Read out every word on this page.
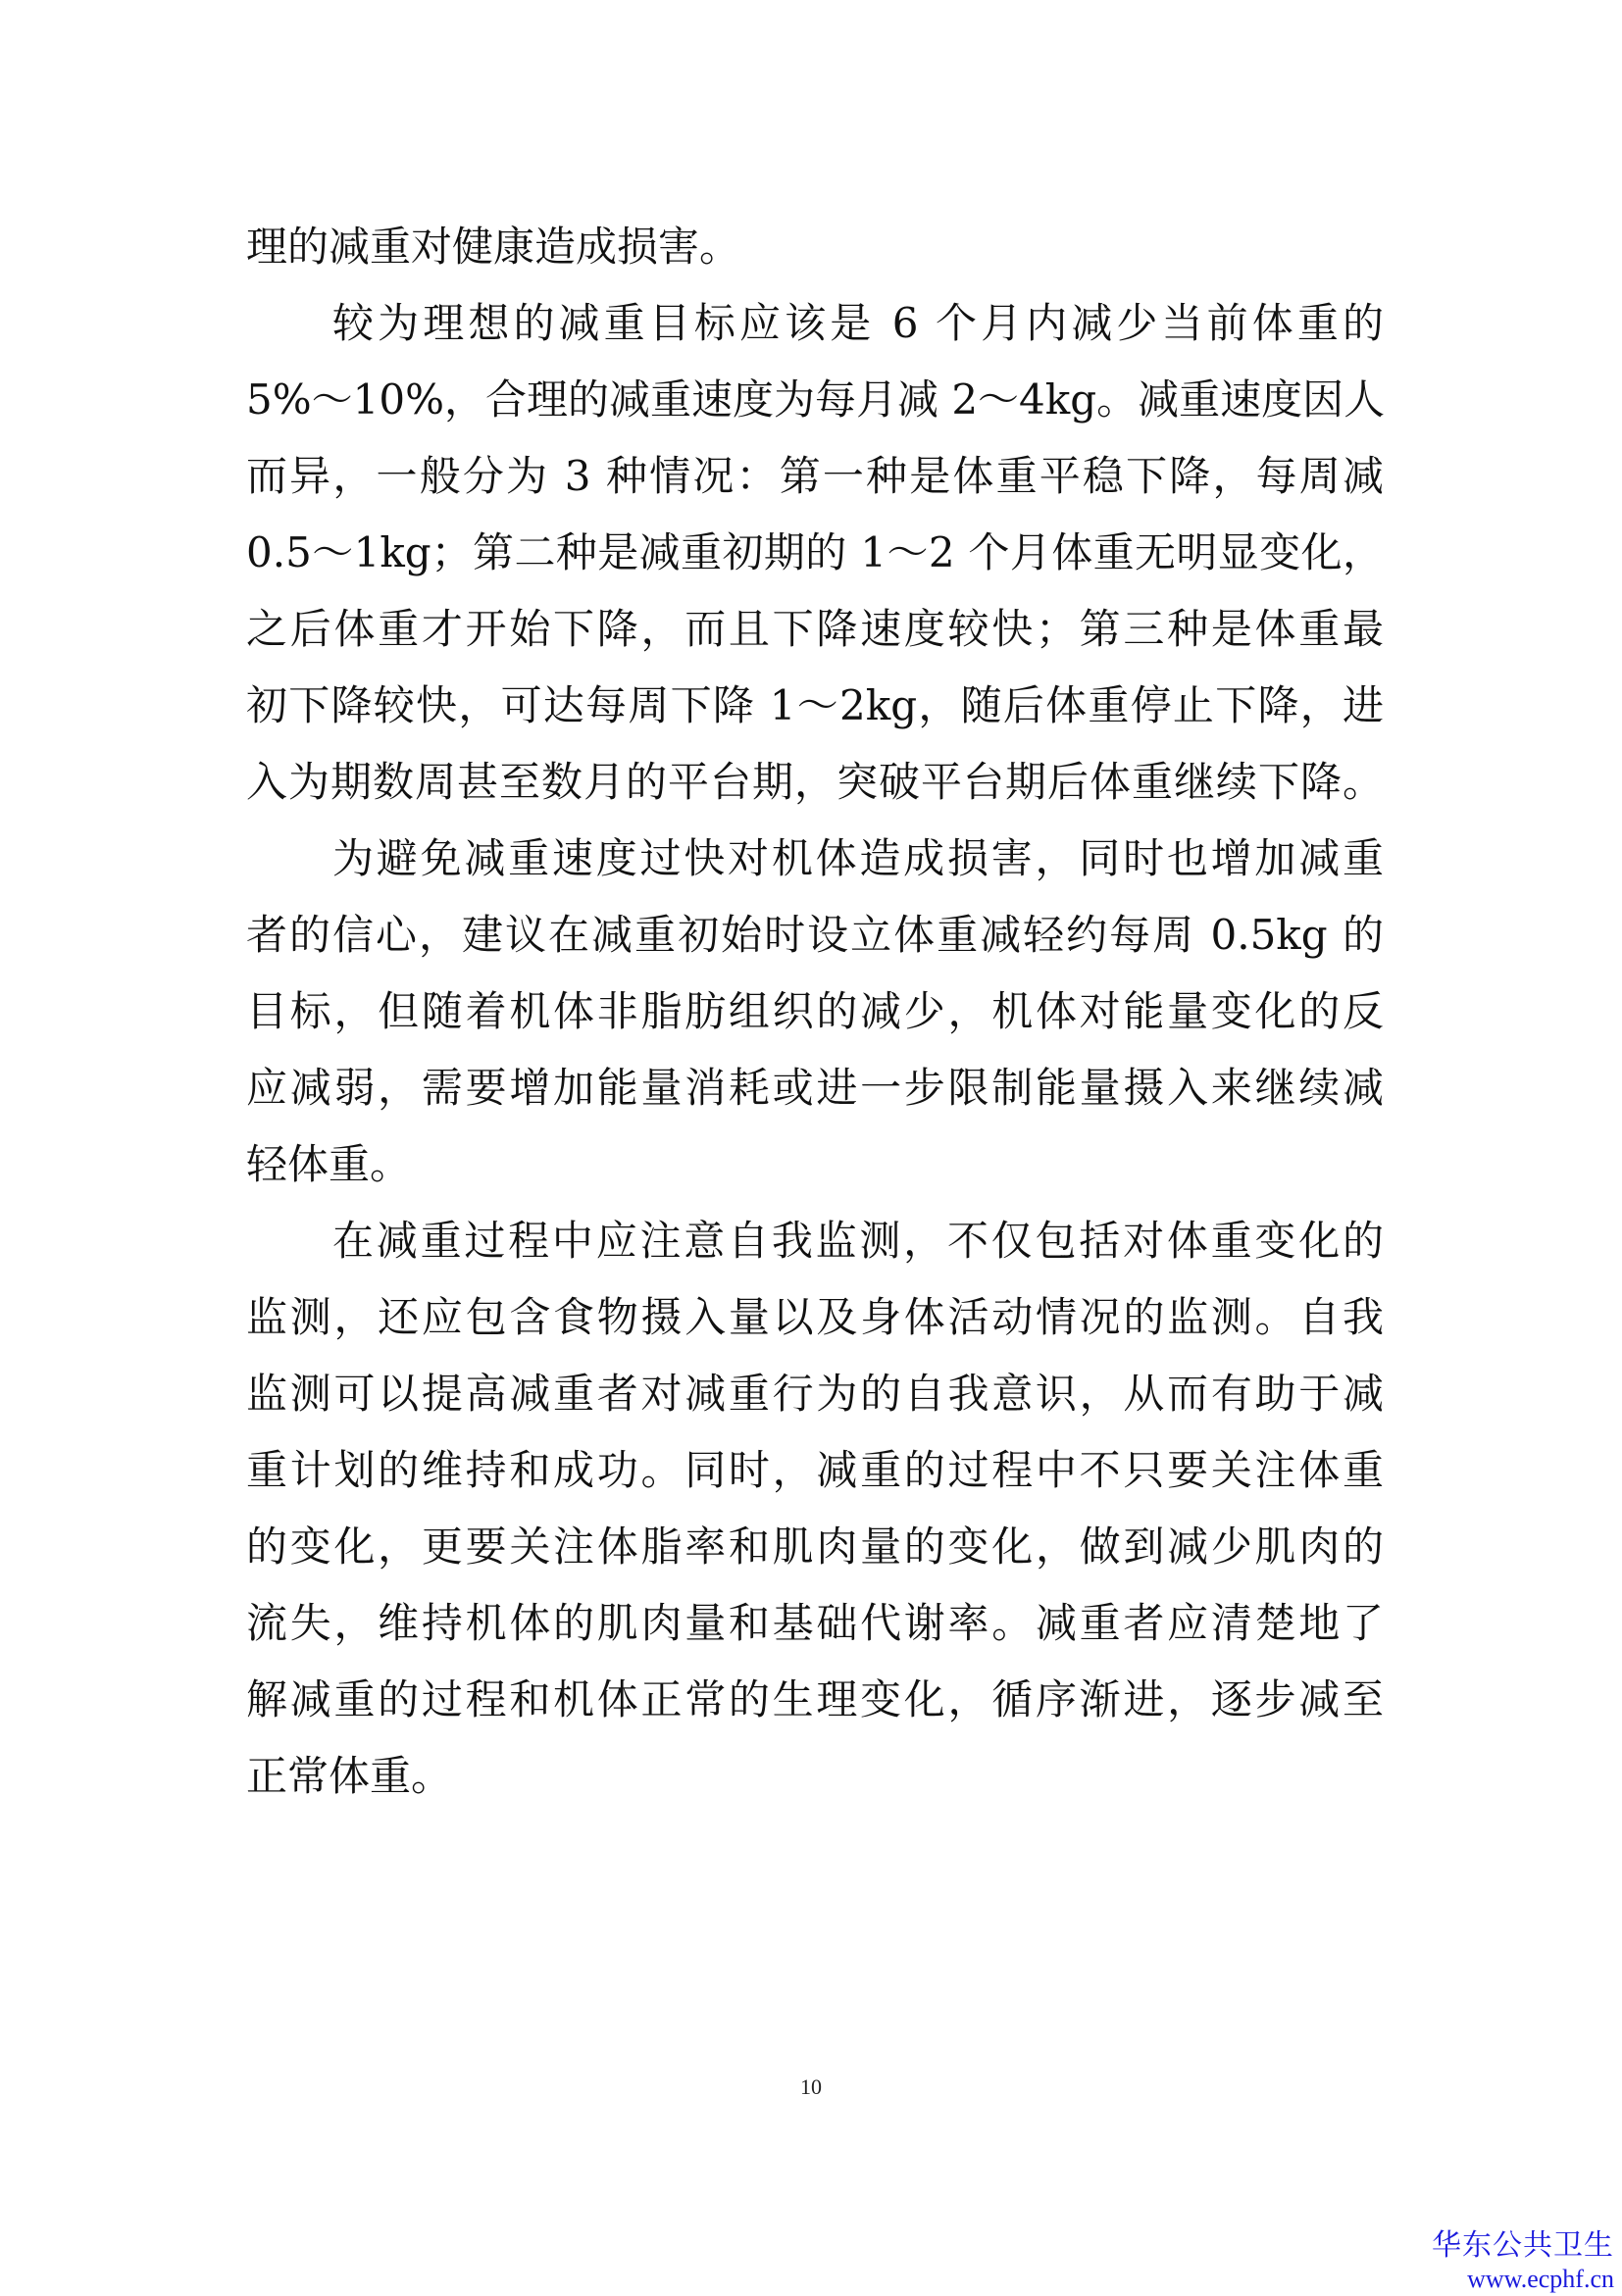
理的减重对健康造成损害。
较为理想的减重目标应该是 6 个月内减少当前体重的
5%～10%，合理的减重速度为每月减 2～4kg。减重速度因人
而异，一般分为 3 种情况：第一种是体重平稳下降，每周减
0.5～1kg；第二种是减重初期的 1～2 个月体重无明显变化，
之后体重才开始下降，而且下降速度较快；第三种是体重最
初下降较快，可达每周下降 1～2kg，随后体重停止下降，进
入为期数周甚至数月的平台期，突破平台期后体重继续下降。
为避免减重速度过快对机体造成损害，同时也增加减重
者的信心，建议在减重初始时设立体重减轻约每周 0.5kg 的
目标，但随着机体非脂肪组织的减少，机体对能量变化的反
应减弱，需要增加能量消耗或进一步限制能量摄入来继续减
轻体重。
在减重过程中应注意自我监测，不仅包括对体重变化的
监测，还应包含食物摄入量以及身体活动情况的监测。自我
监测可以提高减重者对减重行为的自我意识，从而有助于减
重计划的维持和成功。同时，减重的过程中不只要关注体重
的变化，更要关注体脂率和肌肉量的变化，做到减少肌肉的
流失，维持机体的肌肉量和基础代谢率。减重者应清楚地了
解减重的过程和机体正常的生理变化，循序渐进，逐步减至
正常体重。
10
华东公共卫生
www.ecphf.cn
